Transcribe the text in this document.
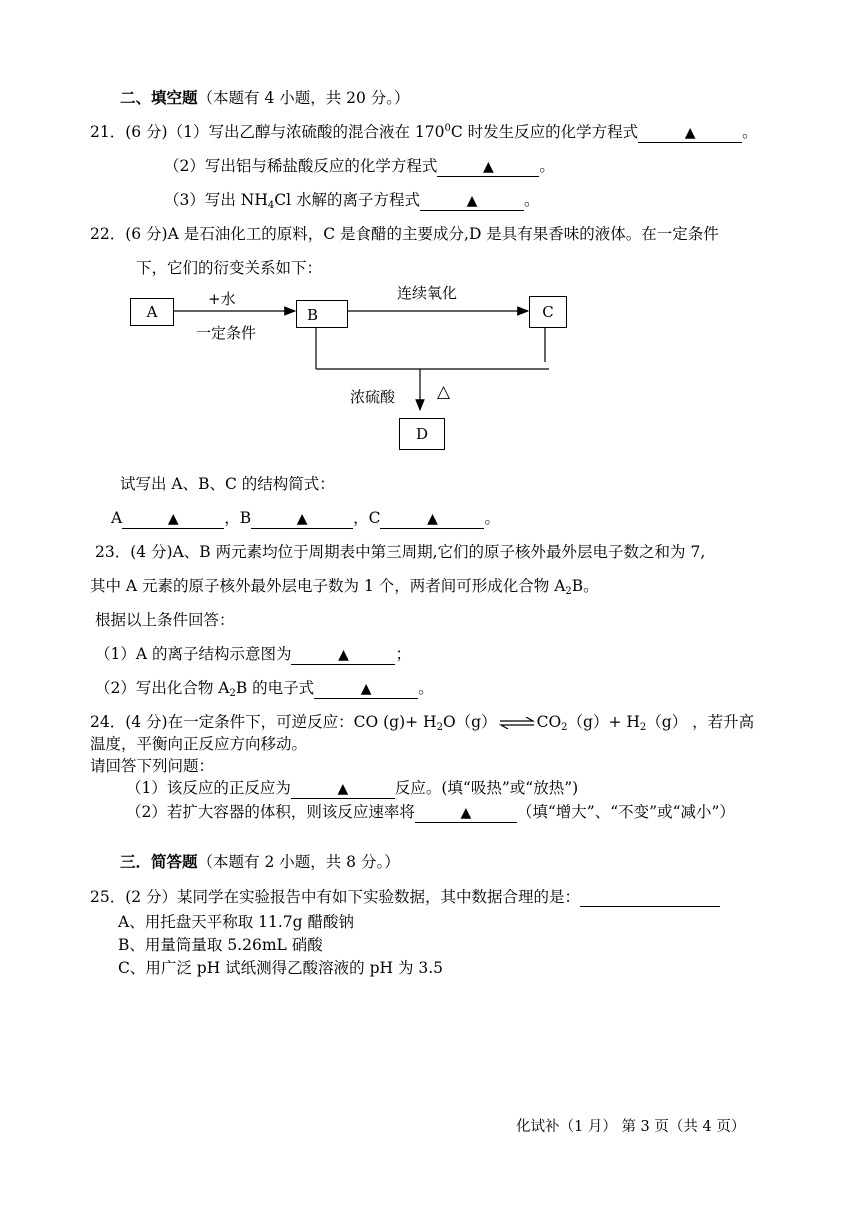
二、填空题（本题有 4 小题，共 20 分。）
21．(6 分)（1）写出乙醇与浓硫酸的混合液在 $170^0C$ 时发生反应的化学方程式	▲	。
（2）写出铝与稀盐酸反应的化学方程式	▲	。
（3）写出 $NH_4Cl$ 水解的离子方程式	▲	。
22．(6 分)A 是石油化工的原料，C 是食醋的主要成分,D 是具有果香味的液体。在一定条件
下，它们的衍变关系如下：
A	B	C
D
+水
一定条件
连续氧化
浓硫酸 △
试写出 A、B、C 的结构简式：
A	▲	，B	▲	，C	▲	。
23．(4 分)A、B 两元素均位于周期表中第三周期,它们的原子核外最外层电子数之和为 7,
其中 A 元素的原子核外最外层电子数为 1 个，两者间可形成化合物 $A_2B$。
根据以上条件回答：
（1）A 的离子结构示意图为	▲	；
（2）写出化合物 $A_2B$ 的电子式	▲	。
24．(4 分)在一定条件下，可逆反应：CO $(g)+ H_2O(g)$ ⇌ $CO_2(g)+ H_2(g)$ ，若升高
温度，平衡向正反应方向移动。
请回答下列问题：
（1）该反应的正反应为	▲	反应。(填“吸热”或“放热”)
（2）若扩大容器的体积，则该反应速率将	▲	（填“增大”、“不变”或“减小”）
三．简答题（本题有 2 小题，共 8 分。）
25．(2 分）某同学在实验报告中有如下实验数据，其中数据合理的是：
A、用托盘天平称取 11.7g 醋酸钠
B、用量筒量取 5.26mL 硝酸
C、用广泛 pH 试纸测得乙酸溶液的 pH 为 3.5
化试补（1 月） 第 3 页（共 4 页）
